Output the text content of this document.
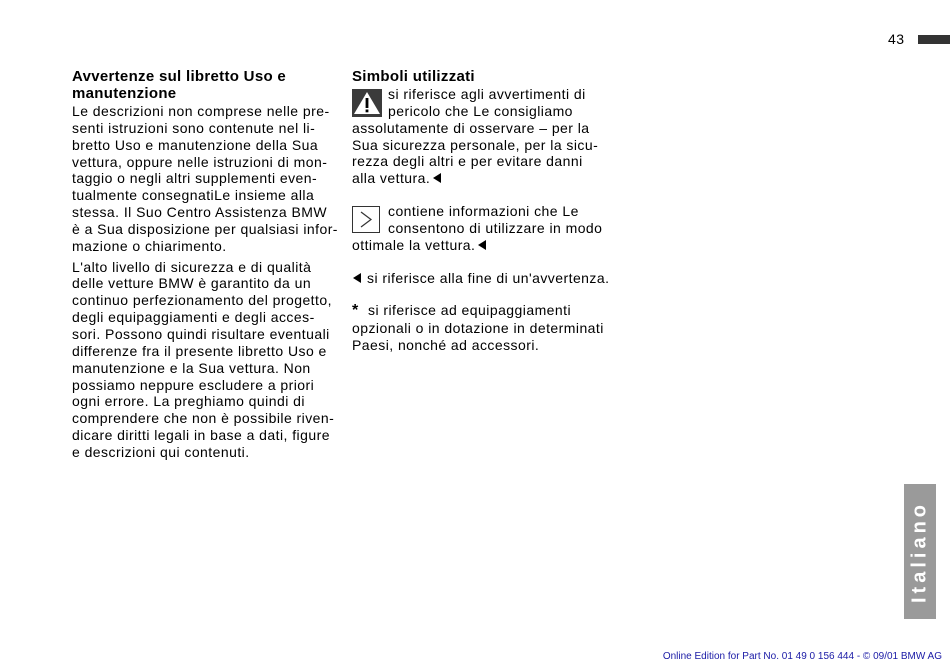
43
Avvertenze sul libretto Uso e
manutenzione
Le descrizioni non comprese nelle pre-
senti istruzioni sono contenute nel li-
bretto Uso e manutenzione della Sua
vettura, oppure nelle istruzioni di mon-
taggio o negli altri supplementi even-
tualmente consegnatiLe insieme alla
stessa. Il Suo Centro Assistenza BMW
è a Sua disposizione per qualsiasi infor-
mazione o chiarimento.
L'alto livello di sicurezza e di qualità
delle vetture BMW è garantito da un
continuo perfezionamento del progetto,
degli equipaggiamenti e degli acces-
sori. Possono quindi risultare eventuali
differenze fra il presente libretto Uso e
manutenzione e la Sua vettura. Non
possiamo neppure escludere a priori
ogni errore. La preghiamo quindi di
comprendere che non è possibile riven-
dicare diritti legali in base a dati, figure
e descrizioni qui contenuti.
Simboli utilizzati
si riferisce agli avvertimenti di
pericolo che Le consigliamo
assolutamente di osservare – per la
Sua sicurezza personale, per la sicu-
rezza degli altri e per evitare danni
alla vettura.
contiene informazioni che Le
consentono di utilizzare in modo
ottimale la vettura.
si riferisce alla fine di un'avvertenza.
* si riferisce ad equipaggiamenti
opzionali o in dotazione in determinati
Paesi, nonché ad accessori.
Italiano
Online Edition for Part No. 01 49 0 156 444 - © 09/01 BMW AG
